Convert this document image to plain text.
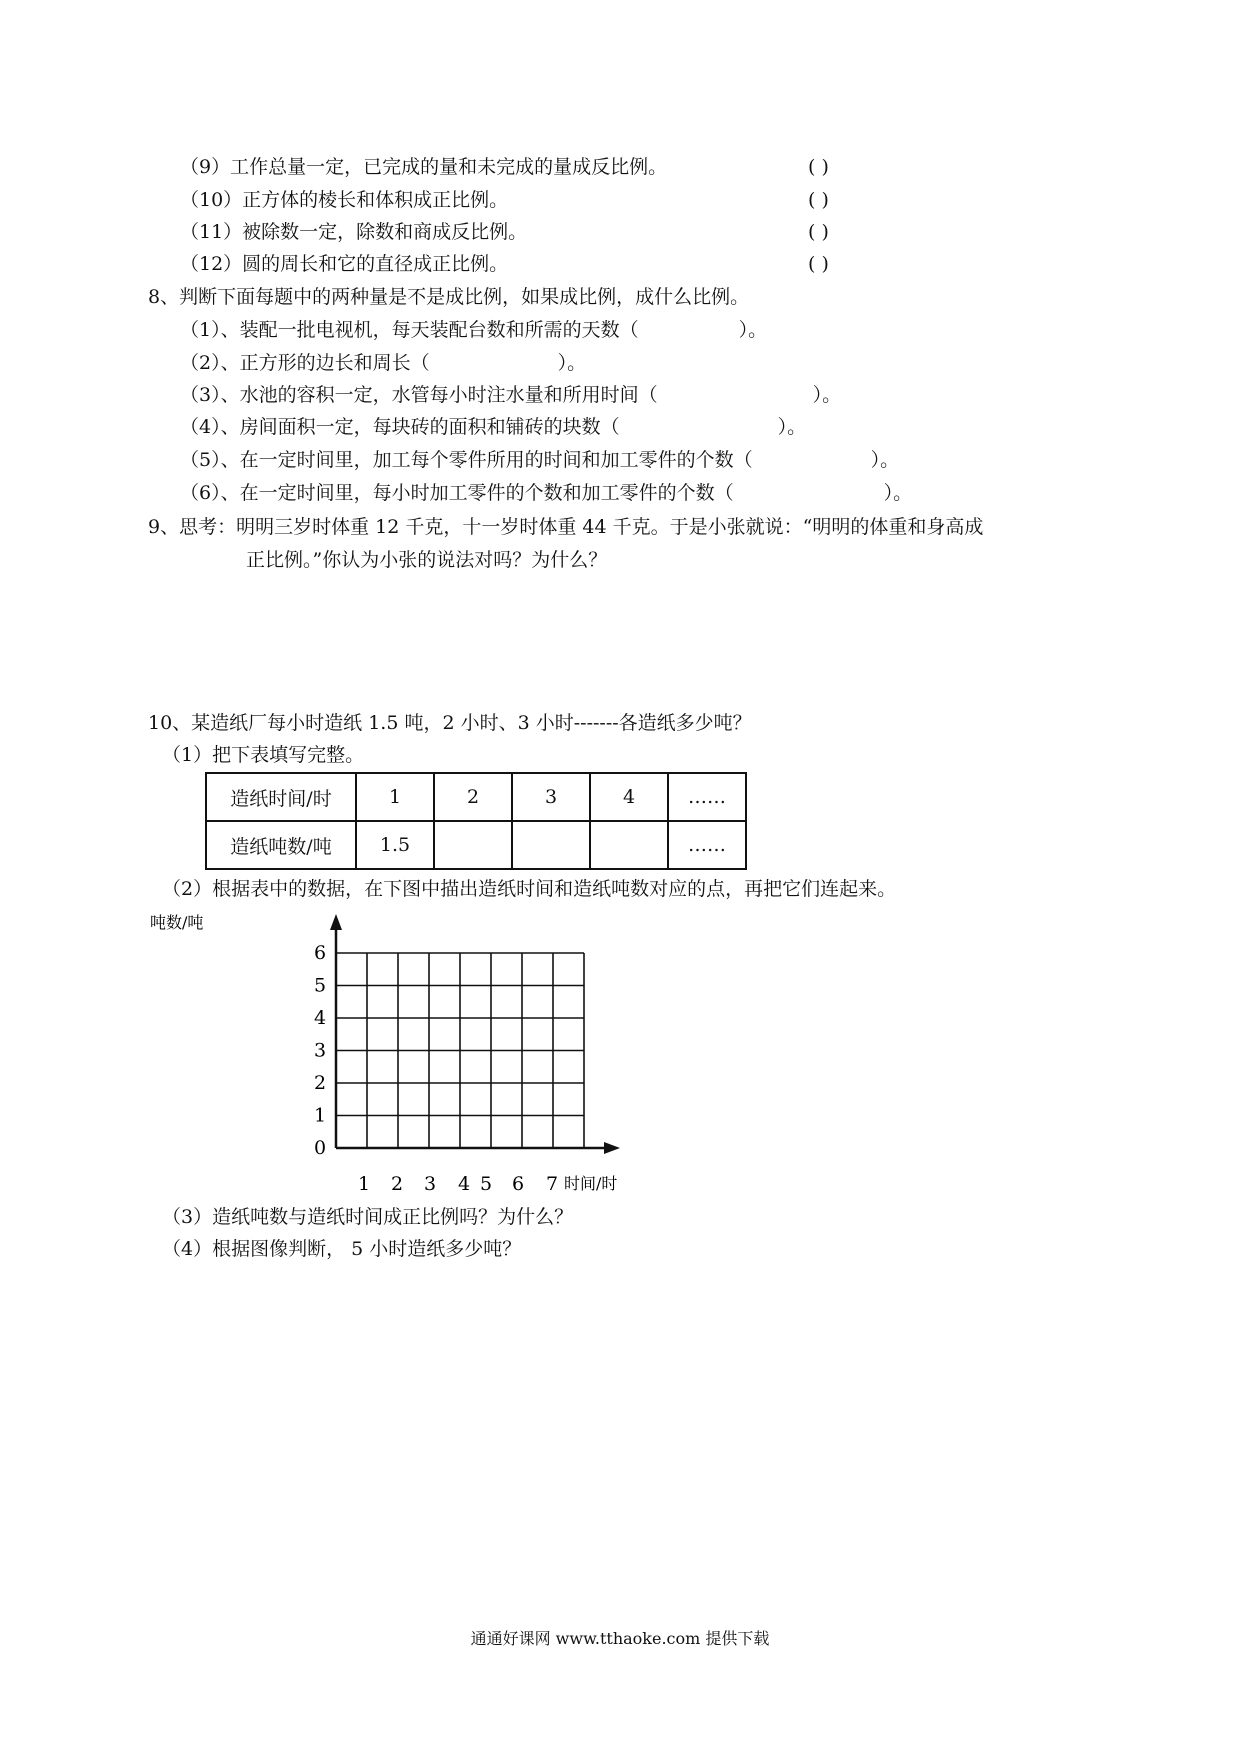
（9）工作总量一定，已完成的量和未完成的量成反比例。	( )
（10）正方体的棱长和体积成正比例。	( )
（11）被除数一定，除数和商成反比例。	( )
（12）圆的周长和它的直径成正比例。	( )
8、判断下面每题中的两种量是不是成比例，如果成比例，成什么比例。
（1）、装配一批电视机，每天装配台数和所需的天数（	）。
（2）、正方形的边长和周长（	）。
（3）、水池的容积一定，水管每小时注水量和所用时间（	）。
（4）、房间面积一定，每块砖的面积和铺砖的块数（	）。
（5）、在一定时间里，加工每个零件所用的时间和加工零件的个数（	）。
（6）、在一定时间里，每小时加工零件的个数和加工零件的个数（	）。
9、思考：明明三岁时体重 12 千克，十一岁时体重 44 千克。于是小张就说：“明明的体重和身高成
正比例。”你认为小张的说法对吗？为什么？
10、某造纸厂每小时造纸 1.5 吨，2 小时、3 小时-------各造纸多少吨？
（1）把下表填写完整。
造纸时间/时	1	2	3	4	……
造纸吨数/吨	1.5				……
（2）根据表中的数据，在下图中描出造纸时间和造纸吨数对应的点，再把它们连起来。
吨数/吨
时间/时
0
1
2
3
4
5
6
1 2 3 4 5 6 7
（3）造纸吨数与造纸时间成正比例吗？为什么？
（4）根据图像判断， 5 小时造纸多少吨？
通通好课网 www.tthaoke.com 提供下载
